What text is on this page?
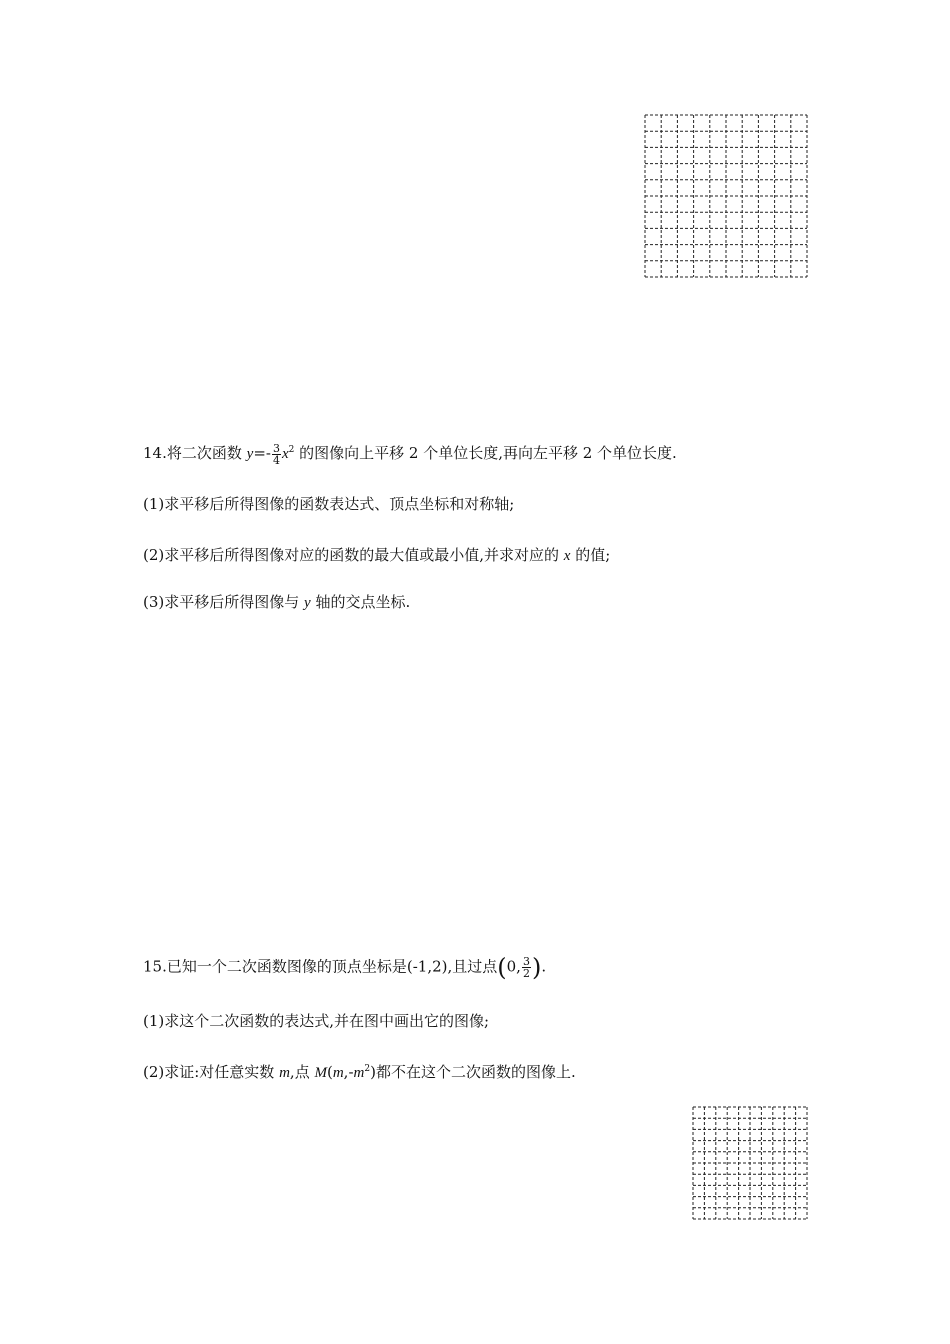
14.将二次函数 $y=- \frac{3}{4} x^2$ 的图像向上平移 2 个单位长度,再向左平移 2 个单位长度.
(1)求平移后所得图像的函数表达式、顶点坐标和对称轴;
(2)求平移后所得图像对应的函数的最大值或最小值,并求对应的 x 的值;
(3)求平移后所得图像与 y 轴的交点坐标.
15.已知一个二次函数图像的顶点坐标是(-1,2),且过点(0, $\frac{3}{2}$ ).
(1)求这个二次函数的表达式,并在图中画出它的图像;
(2)求证:对任意实数 m,点 $M(m,-m^2)$都不在这个二次函数的图像上.
